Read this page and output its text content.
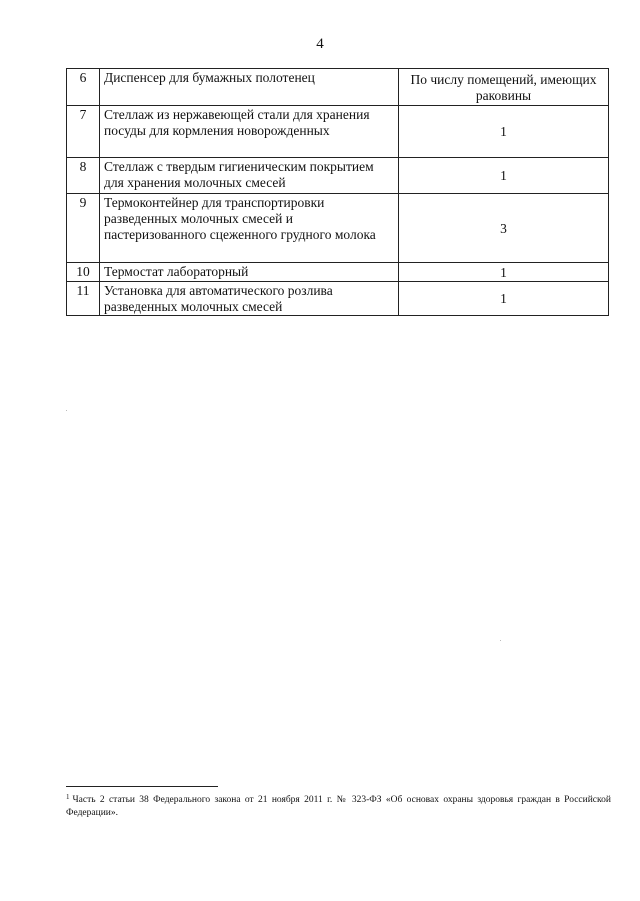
4
6	Диспенсер для бумажных полотенец	По числу помещений, имеющих раковины
7	Стеллаж из нержавеющей стали для хранения посуды для кормления новорожденных	1
8	Стеллаж с твердым гигиеническим покрытием для хранения молочных смесей	1
9	Термоконтейнер для транспортировки разведенных молочных смесей и пастеризованного сцеженного грудного молока	3
10	Термостат лабораторный	1
11	Установка для автоматического розлива разведенных молочных смесей	1
$^1$ Часть 2 статьи 38 Федерального закона от 21 ноября 2011 г. № 323-ФЗ «Об основах охраны здоровья граждан в Российской Федерации».
